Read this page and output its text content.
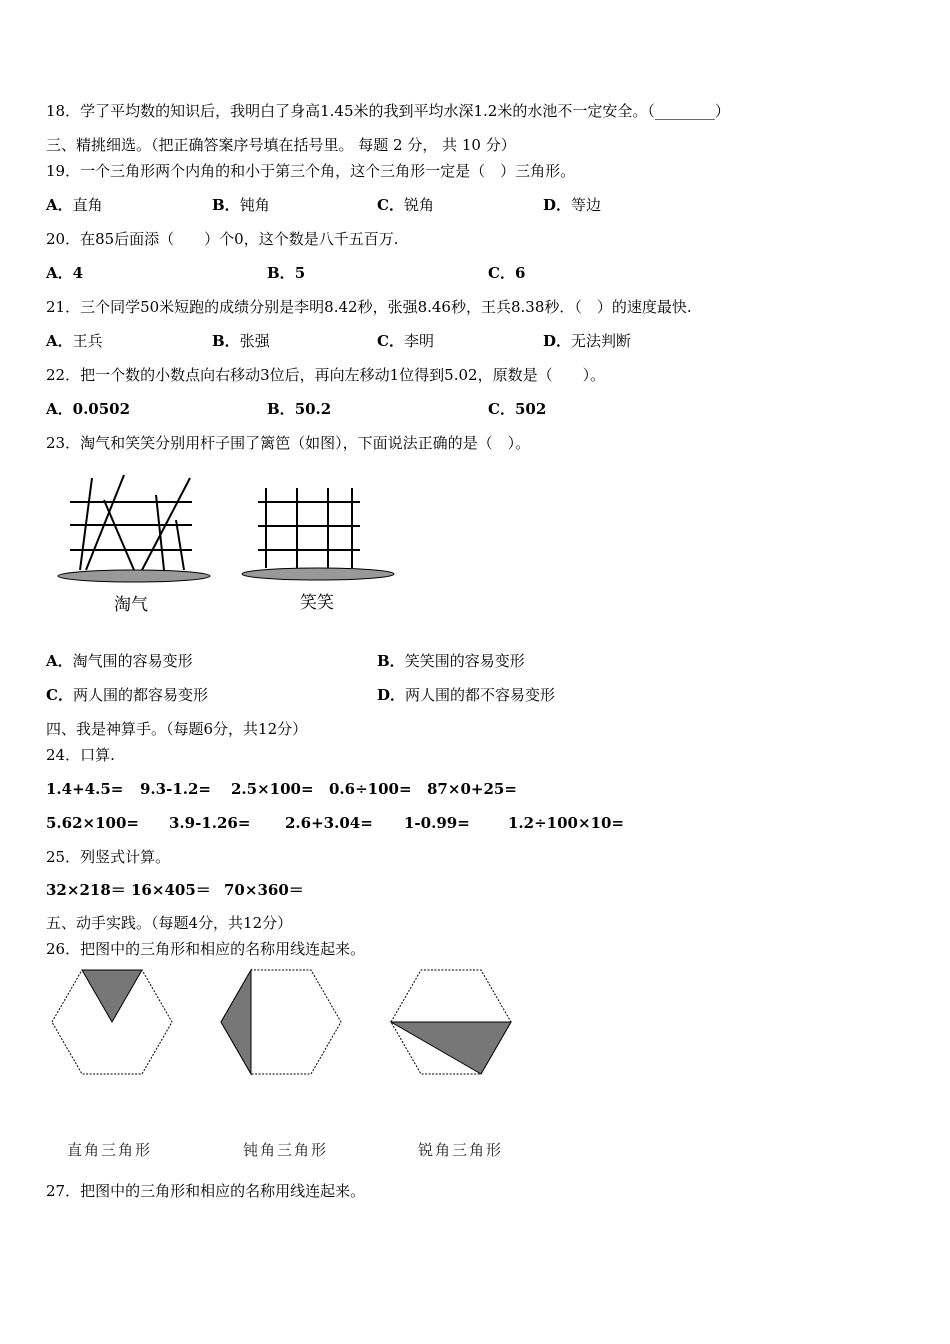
18．学了平均数的知识后，我明白了身高1.45米的我到平均水深1.2米的水池不一定安全。（________）
三、精挑细选。（把正确答案序号填在括号里。 每题 2 分， 共 10 分）
19．一个三角形两个内角的和小于第三个角，这个三角形一定是（　）三角形。
A．直角	B．钝角	C．锐角	D．等边
20．在85后面添（　　）个0，这个数是八千五百万.
A．4	B．5	C．6
21．三个同学50米短跑的成绩分别是李明8.42秒，张强8.46秒，王兵8.38秒．（　）的速度最快.
A．王兵	B．张强	C．李明	D．无法判断
22．把一个数的小数点向右移动3位后，再向左移动1位得到5.02，原数是（　　）。
A．0.0502	B．50.2	C．502
23．淘气和笑笑分别用杆子围了篱笆（如图），下面说法正确的是（　）。
淘气	笑笑
A．淘气围的容易变形	B．笑笑围的容易变形
C．两人围的都容易变形	D．两人围的都不容易变形
四、我是神算手。（每题6分，共12分）
24．口算.
1.4+4.5= 9.3-1.2= 2.5×100= 0.6÷100= 87×0+25=
5.62×100= 3.9-1.26= 2.6+3.04= 1-0.99=	1.2÷100×10=
25．列竖式计算。
32×218＝ 16×405＝ 70×360＝
五、动手实践。（每题4分，共12分）
26．把图中的三角形和相应的名称用线连起来。
直角三角形	钝角三角形	锐角三角形
27．把图中的三角形和相应的名称用线连起来。
